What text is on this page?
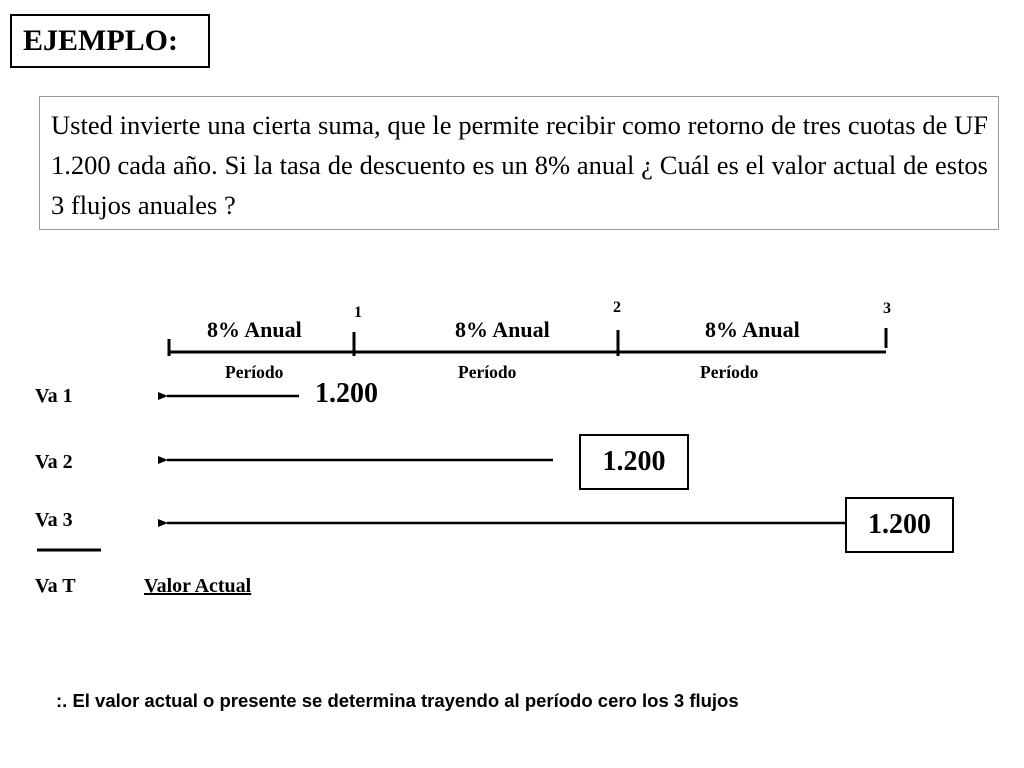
EJEMPLO:
Usted invierte una cierta suma, que le permite recibir como retorno de tres cuotas de UF 1.200 cada año. Si la tasa de descuento es un 8% anual ¿ Cuál es el valor actual de estos 3 flujos anuales ?
1	2	3
8% Anual	8% Anual	8% Anual
Período	Período	Período
Va 1
Va 2
Va 3
Va T
1.200
1.200
1.200
Valor Actual
:. El valor actual o presente se determina trayendo al período cero los 3 flujos
